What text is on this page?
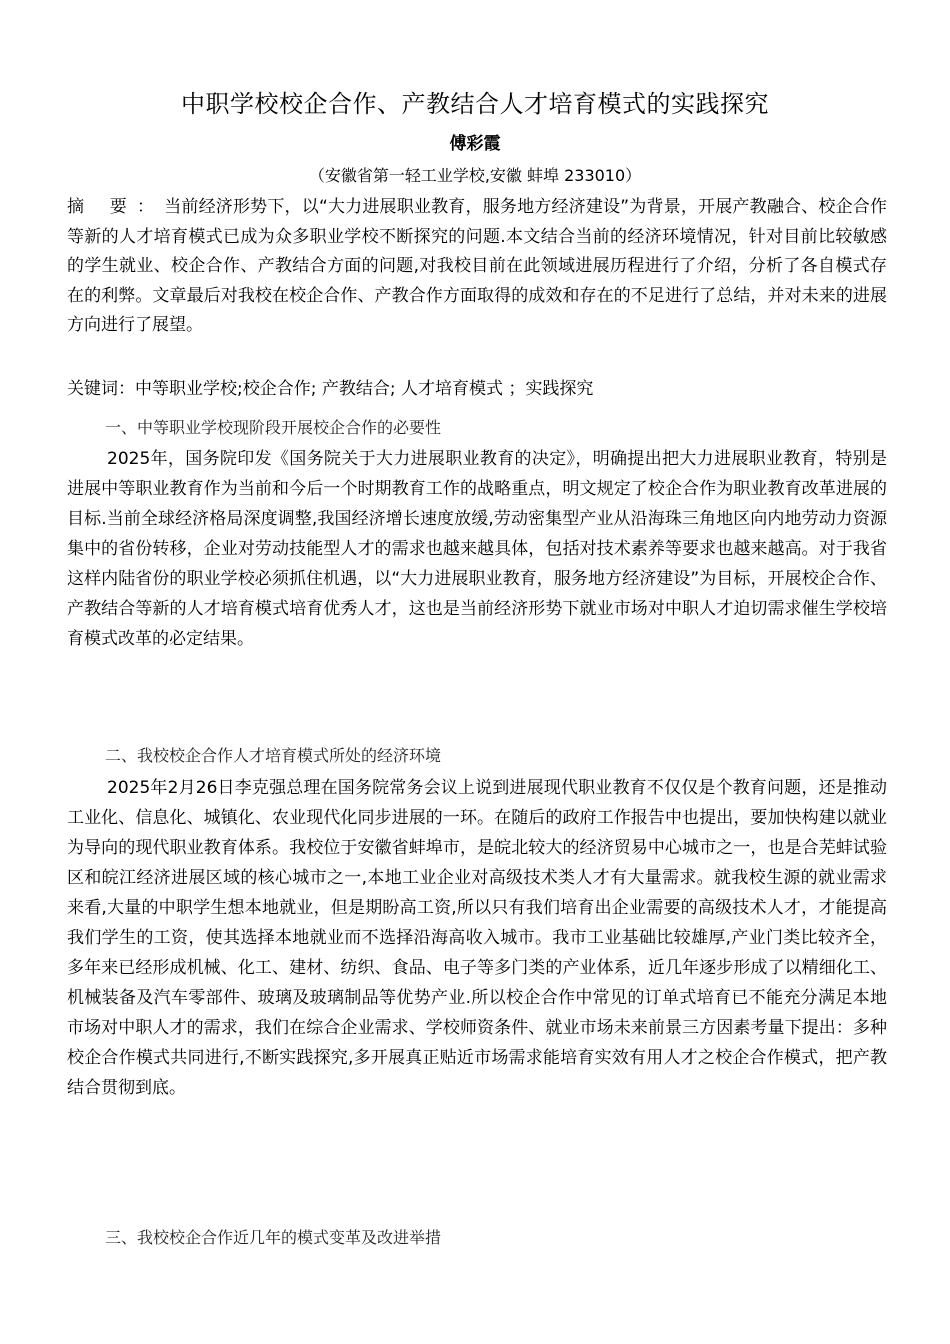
中职学校校企合作、产教结合人才培育模式的实践探究
傅彩霞
（安徽省第一轻工业学校,安徽 蚌埠 233010）
摘 要：当前经济形势下，以“大力进展职业教育，服务地方经济建设”为背景，开展产教融合、校企合作等新的人才培育模式已成为众多职业学校不断探究的问题.本文结合当前的经济环境情况，针对目前比较敏感的学生就业、校企合作、产教结合方面的问题,对我校目前在此领域进展历程进行了介绍，分析了各自模式存在的利弊。文章最后对我校在校企合作、产教合作方面取得的成效和存在的不足进行了总结，并对未来的进展方向进行了展望。
关键词：中等职业学校;校企合作; 产教结合; 人才培育模式 ；实践探究
一、中等职业学校现阶段开展校企合作的必要性
2025年，国务院印发《国务院关于大力进展职业教育的决定》，明确提出把大力进展职业教育，特别是进展中等职业教育作为当前和今后一个时期教育工作的战略重点，明文规定了校企合作为职业教育改革进展的目标.当前全球经济格局深度调整,我国经济增长速度放缓,劳动密集型产业从沿海珠三角地区向内地劳动力资源集中的省份转移，企业对劳动技能型人才的需求也越来越具体，包括对技术素养等要求也越来越高。对于我省这样内陆省份的职业学校必须抓住机遇，以“大力进展职业教育，服务地方经济建设”为目标，开展校企合作、产教结合等新的人才培育模式培育优秀人才，这也是当前经济形势下就业市场对中职人才迫切需求催生学校培育模式改革的必定结果。
二、我校校企合作人才培育模式所处的经济环境
2025年2月26日李克强总理在国务院常务会议上说到进展现代职业教育不仅仅是个教育问题，还是推动工业化、信息化、城镇化、农业现代化同步进展的一环。在随后的政府工作报告中也提出，要加快构建以就业为导向的现代职业教育体系。我校位于安徽省蚌埠市，是皖北较大的经济贸易中心城市之一，也是合芜蚌试验区和皖江经济进展区域的核心城市之一,本地工业企业对高级技术类人才有大量需求。就我校生源的就业需求来看,大量的中职学生想本地就业，但是期盼高工资,所以只有我们培育出企业需要的高级技术人才，才能提高我们学生的工资，使其选择本地就业而不选择沿海高收入城市。我市工业基础比较雄厚,产业门类比较齐全，多年来已经形成机械、化工、建材、纺织、食品、电子等多门类的产业体系，近几年逐步形成了以精细化工、机械装备及汽车零部件、玻璃及玻璃制品等优势产业.所以校企合作中常见的订单式培育已不能充分满足本地市场对中职人才的需求，我们在综合企业需求、学校师资条件、就业市场未来前景三方因素考量下提出：多种校企合作模式共同进行,不断实践探究,多开展真正贴近市场需求能培育实效有用人才之校企合作模式，把产教结合贯彻到底。
三、我校校企合作近几年的模式变革及改进举措
